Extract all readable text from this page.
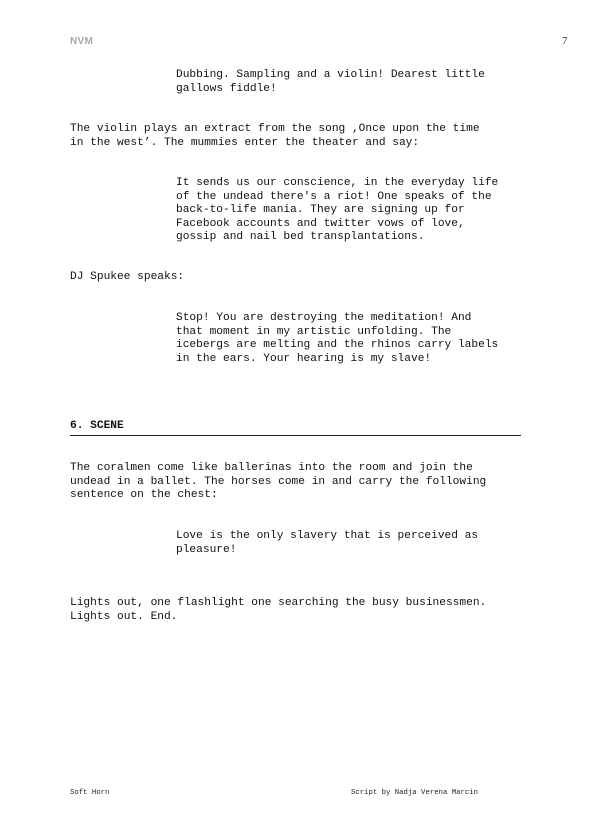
NVM	7

Dubbing. Sampling and a violin! Dearest little
gallows fiddle!

The violin plays an extract from the song ,Once upon the time
in the west’. The mummies enter the theater and say:

It sends us our conscience, in the everyday life
of the undead there's a riot! One speaks of the
back-to-life mania. They are signing up for
Facebook accounts and twitter vows of love,
gossip and nail bed transplantations.

DJ Spukee speaks:

Stop! You are destroying the meditation! And
that moment in my artistic unfolding. The
icebergs are melting and the rhinos carry labels
in the ears. Your hearing is my slave!

6. SCENE

The coralmen come like ballerinas into the room and join the
undead in a ballet. The horses come in and carry the following
sentence on the chest:

Love is the only slavery that is perceived as
pleasure!

Lights out, one flashlight one searching the busy businessmen.
Lights out. End.

Soft Horn	Script by Nadja Verena Marcin
